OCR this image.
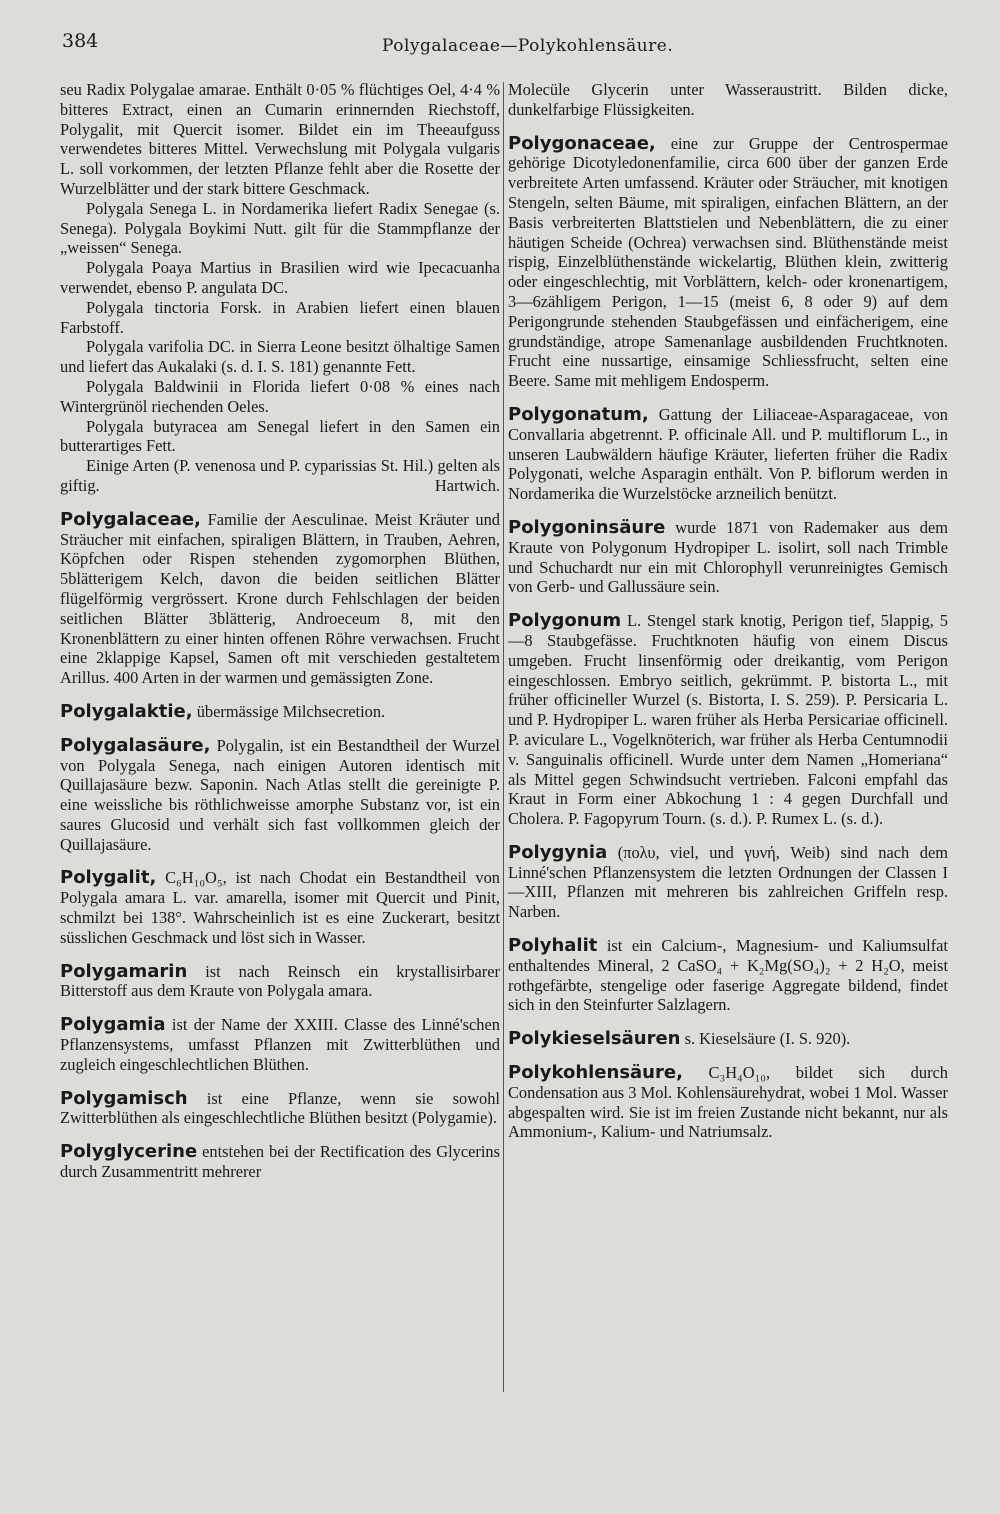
384	Polygalaceae—Polykohlensäure.

seu Radix Polygalae amarae. Enthält 0·05 % flüchtiges Oel, 4·4 % bitteres Extract, einen an Cumarin erinnernden Riechstoff, Polygalit, mit Quercit isomer. Bildet ein im Theeaufguss verwendetes bitteres Mittel. Verwechslung mit Polygala vulgaris L. soll vorkommen, der letzten Pflanze fehlt aber die Rosette der Wurzelblätter und der stark bittere Geschmack.

Polygala Senega L. in Nordamerika liefert Radix Senegae (s. Senega). Polygala Boykimi Nutt. gilt für die Stammpflanze der „weissen“ Senega.

Polygala Poaya Martius in Brasilien wird wie Ipecacuanha verwendet, ebenso P. angulata DC.

Polygala tinctoria Forsk. in Arabien liefert einen blauen Farbstoff.

Polygala varifolia DC. in Sierra Leone besitzt ölhaltige Samen und liefert das Aukalaki (s. d. I. S. 181) genannte Fett.

Polygala Baldwinii in Florida liefert 0·08 % eines nach Wintergrünöl riechenden Oeles.

Polygala butyracea am Senegal liefert in den Samen ein butterartiges Fett.

Einige Arten (P. venenosa und P. cyparissias St. Hil.) gelten als giftig.	Hartwich.

Polygalaceae, Familie der Aesculinae. Meist Kräuter und Sträucher mit einfachen, spiraligen Blättern, in Trauben, Aehren, Köpfchen oder Rispen stehenden zygomorphen Blüthen, 5blätterigem Kelch, davon die beiden seitlichen Blätter flügelförmig vergrössert. Krone durch Fehlschlagen der beiden seitlichen Blätter 3blätterig, Androeceum 8, mit den Kronenblättern zu einer hinten offenen Röhre verwachsen. Frucht eine 2klappige Kapsel, Samen oft mit verschieden gestaltetem Arillus. 400 Arten in der warmen und gemässigten Zone.

Polygalaktie, übermässige Milchsecretion.

Polygalasäure, Polygalin, ist ein Bestandtheil der Wurzel von Polygala Senega, nach einigen Autoren identisch mit Quillajasäure bezw. Saponin. Nach Atlas stellt die gereinigte P. eine weissliche bis röthlichweisse amorphe Substanz vor, ist ein saures Glucosid und verhält sich fast vollkommen gleich der Quillajasäure.

Polygalit, C₆H₁₀O₅, ist nach Chodat ein Bestandtheil von Polygala amara L. var. amarella, isomer mit Quercit und Pinit, schmilzt bei 138°. Wahrscheinlich ist es eine Zuckerart, besitzt süsslichen Geschmack und löst sich in Wasser.

Polygamarin ist nach Reinsch ein krystallisirbarer Bitterstoff aus dem Kraute von Polygala amara.

Polygamia ist der Name der XXIII. Classe des Linné'schen Pflanzensystems, umfasst Pflanzen mit Zwitterblüthen und zugleich eingeschlechtlichen Blüthen.

Polygamisch ist eine Pflanze, wenn sie sowohl Zwitterblüthen als eingeschlechtliche Blüthen besitzt (Polygamie).

Polyglycerine entstehen bei der Rectification des Glycerins durch Zusammentritt mehrerer

Molecüle Glycerin unter Wasseraustritt. Bilden dicke, dunkelfarbige Flüssigkeiten.

Polygonaceae, eine zur Gruppe der Centrospermae gehörige Dicotyledonenfamilie, circa 600 über der ganzen Erde verbreitete Arten umfassend. Kräuter oder Sträucher, mit knotigen Stengeln, selten Bäume, mit spiraligen, einfachen Blättern, an der Basis verbreiterten Blattstielen und Nebenblättern, die zu einer häutigen Scheide (Ochrea) verwachsen sind. Blüthenstände meist rispig, Einzelblüthenstände wickelartig, Blüthen klein, zwitterig oder eingeschlechtig, mit Vorblättern, kelch- oder kronenartigem, 3—6zähligem Perigon, 1—15 (meist 6, 8 oder 9) auf dem Perigongrunde stehenden Staubgefässen und einfächerigem, eine grundständige, atrope Samenanlage ausbildenden Fruchtknoten. Frucht eine nussartige, einsamige Schliessfrucht, selten eine Beere. Same mit mehligem Endosperm.

Polygonatum, Gattung der Liliaceae-Asparagaceae, von Convallaria abgetrennt. P. officinale All. und P. multiflorum L., in unseren Laubwäldern häufige Kräuter, lieferten früher die Radix Polygonati, welche Asparagin enthält. Von P. biflorum werden in Nordamerika die Wurzelstöcke arzneilich benützt.

Polygoninsäure wurde 1871 von Rademaker aus dem Kraute von Polygonum Hydropiper L. isolirt, soll nach Trimble und Schuchardt nur ein mit Chlorophyll verunreinigtes Gemisch von Gerb- und Gallussäure sein.

Polygonum L. Stengel stark knotig, Perigon tief, 5lappig, 5—8 Staubgefässe. Fruchtknoten häufig von einem Discus umgeben. Frucht linsenförmig oder dreikantig, vom Perigon eingeschlossen. Embryo seitlich, gekrümmt. P. bistorta L., mit früher officineller Wurzel (s. Bistorta, I. S. 259). P. Persicaria L. und P. Hydropiper L. waren früher als Herba Persicariae officinell. P. aviculare L., Vogelknöterich, war früher als Herba Centumnodii v. Sanguinalis officinell. Wurde unter dem Namen „Homeriana“ als Mittel gegen Schwindsucht vertrieben. Falconi empfahl das Kraut in Form einer Abkochung 1 : 4 gegen Durchfall und Cholera. P. Fagopyrum Tourn. (s. d.). P. Rumex L. (s. d.).

Polygynia (πολυ, viel, und γυνή, Weib) sind nach dem Linné'schen Pflanzensystem die letzten Ordnungen der Classen I—XIII, Pflanzen mit mehreren bis zahlreichen Griffeln resp. Narben.

Polyhalit ist ein Calcium-, Magnesium- und Kaliumsulfat enthaltendes Mineral, 2 CaSO₄ + K₂Mg(SO₄)₂ + 2 H₂O, meist rothgefärbte, stengelige oder faserige Aggregate bildend, findet sich in den Steinfurter Salzlagern.

Polykieselsäuren s. Kieselsäure (I. S. 920).

Polykohlensäure, C₃H₄O₁₀, bildet sich durch Condensation aus 3 Mol. Kohlensäurehydrat, wobei 1 Mol. Wasser abgespalten wird. Sie ist im freien Zustande nicht bekannt, nur als Ammonium-, Kalium- und Natriumsalz.
